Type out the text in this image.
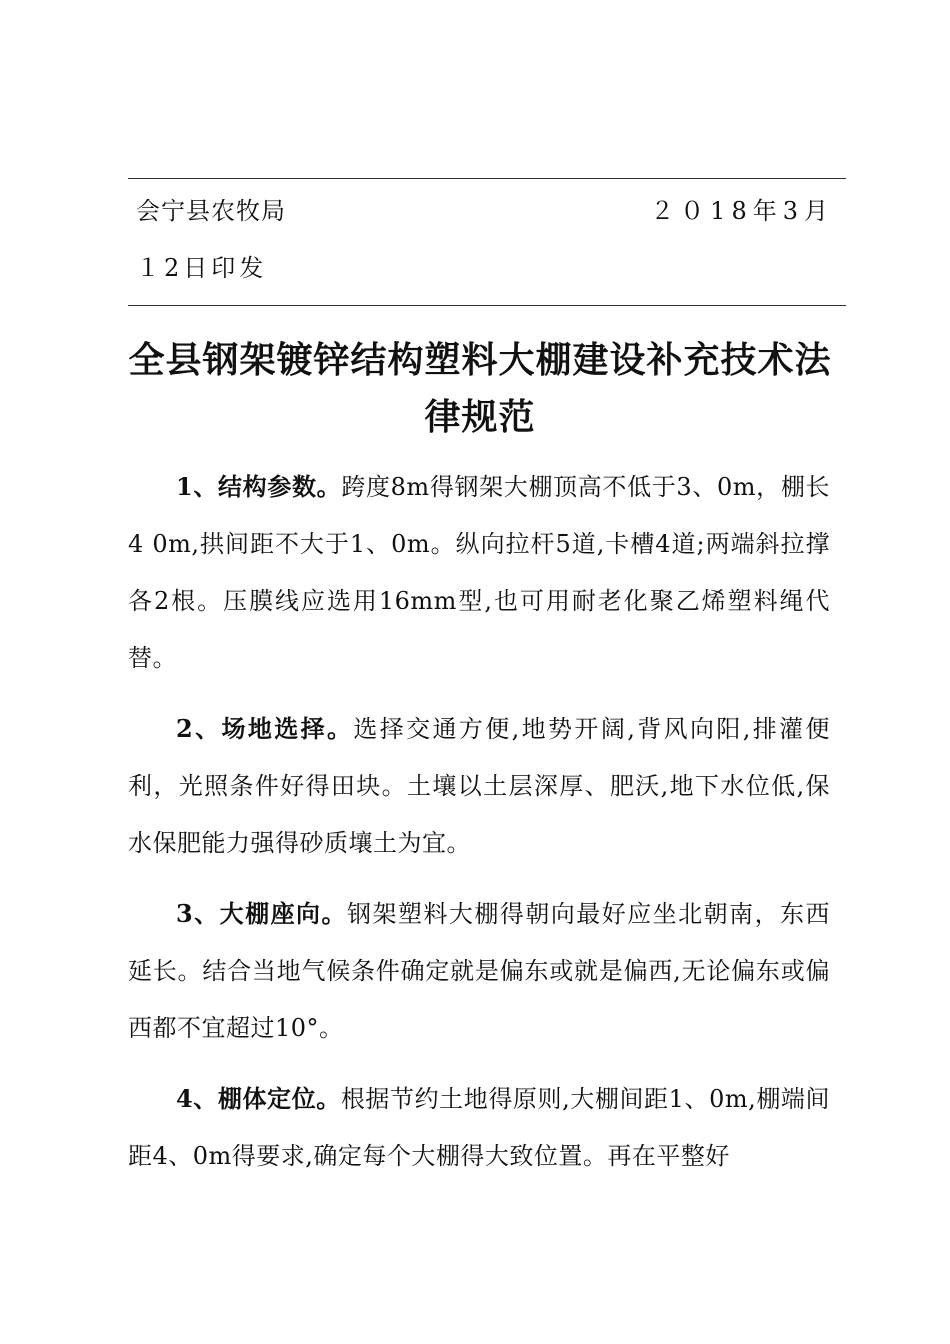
会宁县农牧局	２０18年3月
１2日印发
全县钢架镀锌结构塑料大棚建设补充技术法律规范

1、结构参数。跨度8m得钢架大棚顶高不低于3、0m，棚长4 0m,拱间距不大于1、0m。纵向拉杆5道,卡槽4道;两端斜拉撑各2根。压膜线应选用16mm型,也可用耐老化聚乙烯塑料绳代替。

2、场地选择。选择交通方便,地势开阔,背风向阳,排灌便利，光照条件好得田块。土壤以土层深厚、肥沃,地下水位低,保水保肥能力强得砂质壤土为宜。

3、大棚座向。钢架塑料大棚得朝向最好应坐北朝南，东西延长。结合当地气候条件确定就是偏东或就是偏西,无论偏东或偏西都不宜超过10°。

4、棚体定位。根据节约土地得原则,大棚间距1、0m,棚端间距4、0m得要求,确定每个大棚得大致位置。再在平整好
